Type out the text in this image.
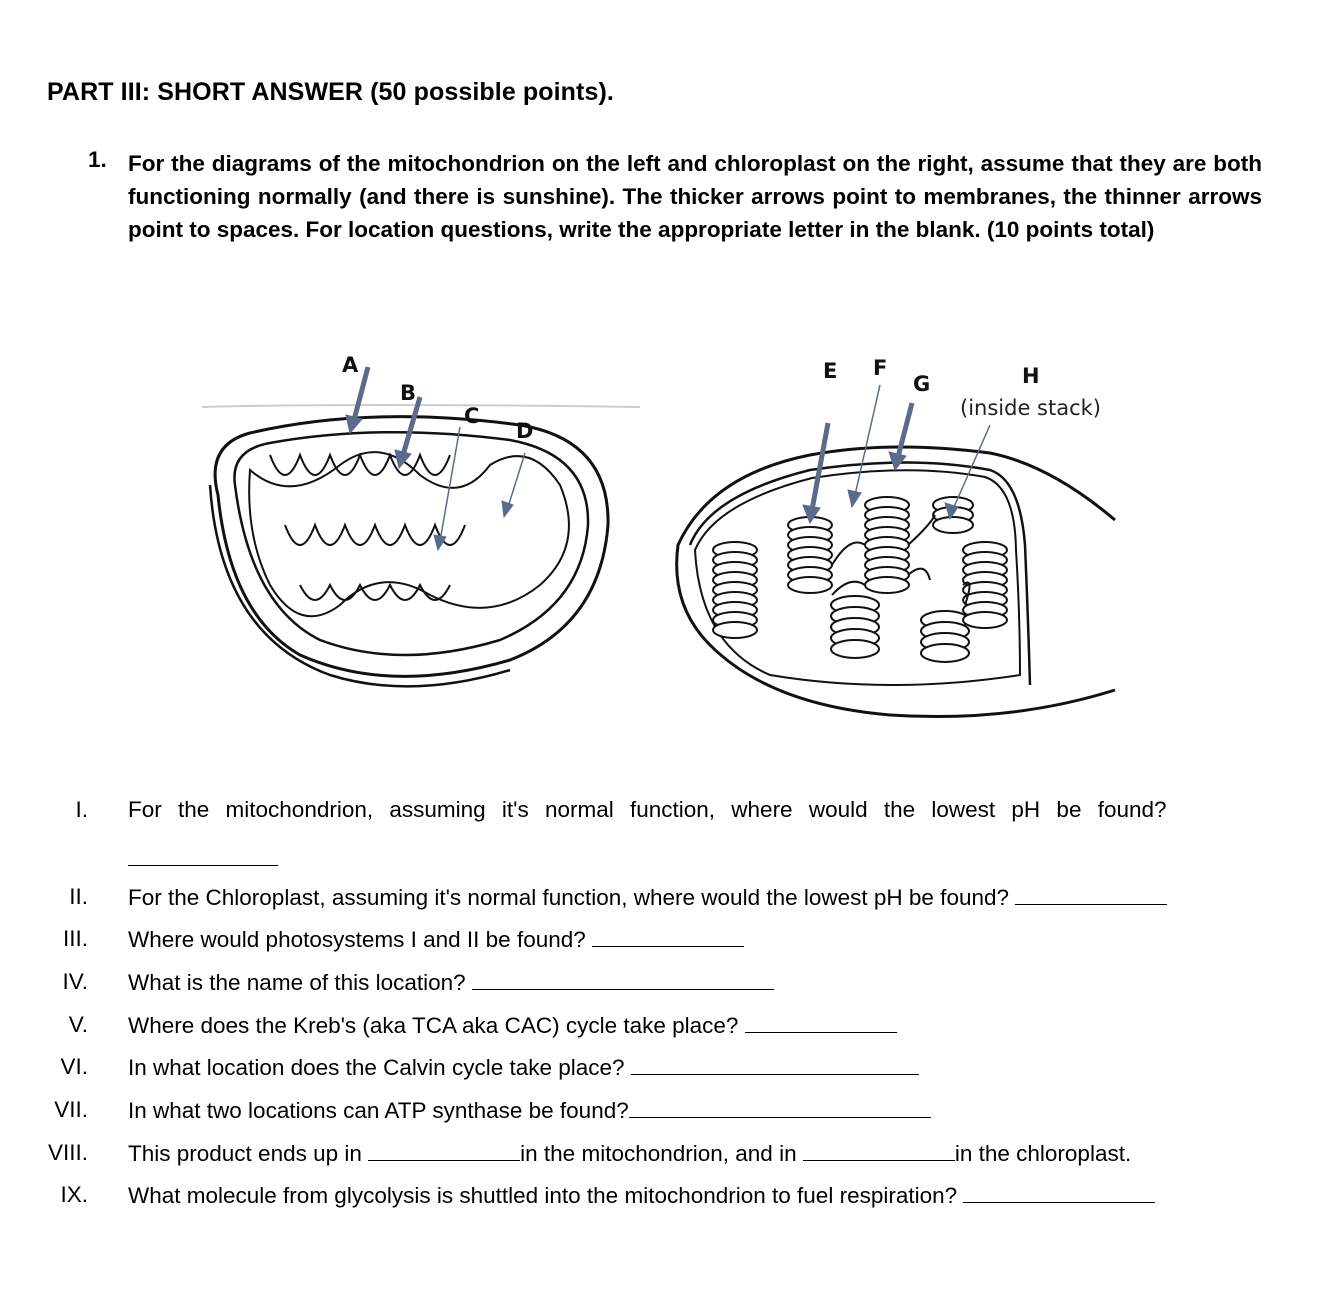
PART III: SHORT ANSWER (50 possible points).
1. For the diagrams of the mitochondrion on the left and chloroplast on the right, assume that they are both functioning normally (and there is sunshine). The thicker arrows point to membranes, the thinner arrows point to spaces. For location questions, write the appropriate letter in the blank. (10 points total)
A
B
C
D
E F
G	H
(inside stack)
I. For the mitochondrion, assuming it's normal function, where would the lowest pH be found?
II. For the Chloroplast, assuming it's normal function, where would the lowest pH be found?
III. Where would photosystems I and II be found?
IV. What is the name of this location?
V. Where does the Kreb's (aka TCA aka CAC) cycle take place?
VI. In what location does the Calvin cycle take place?
VII. In what two locations can ATP synthase be found?
VIII. This product ends up in	in the mitochondrion, and in	in the chloroplast.
IX. What molecule from glycolysis is shuttled into the mitochondrion to fuel respiration?
